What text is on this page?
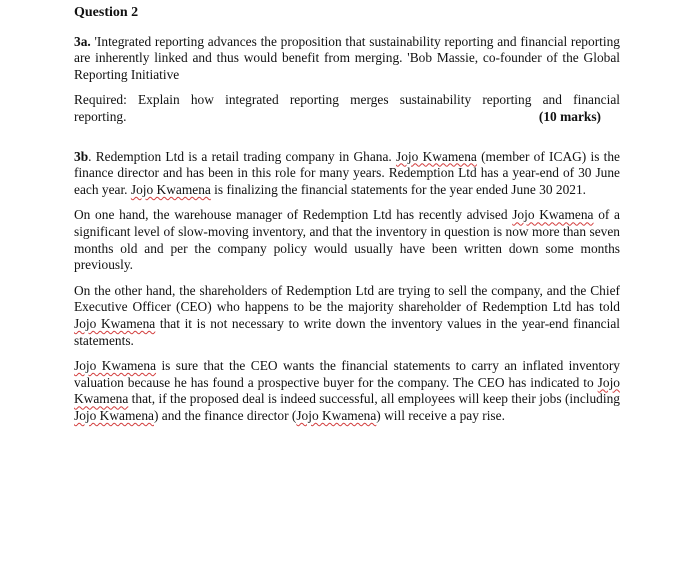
Question 2

3a. 'Integrated reporting advances the proposition that sustainability reporting and financial reporting are inherently linked and thus would benefit from merging. 'Bob Massie, co-founder of the Global Reporting Initiative

Required: Explain how integrated reporting merges sustainability reporting and financial

reporting.	(10 marks)

3b. Redemption Ltd is a retail trading company in Ghana. Jojo Kwamena (member of ICAG) is the finance director and has been in this role for many years. Redemption Ltd has a year-end of 30 June each year. Jojo Kwamena is finalizing the financial statements for the year ended June 30 2021.

On one hand, the warehouse manager of Redemption Ltd has recently advised Jojo Kwamena of a significant level of slow-moving inventory, and that the inventory in question is now more than seven months old and per the company policy would usually have been written down some months previously.

On the other hand, the shareholders of Redemption Ltd are trying to sell the company, and the Chief Executive Officer (CEO) who happens to be the majority shareholder of Redemption Ltd has told Jojo Kwamena that it is not necessary to write down the inventory values in the year-end financial statements.

Jojo Kwamena is sure that the CEO wants the financial statements to carry an inflated inventory valuation because he has found a prospective buyer for the company. The CEO has indicated to Jojo Kwamena that, if the proposed deal is indeed successful, all employees will keep their jobs (including Jojo Kwamena) and the finance director (Jojo Kwamena) will receive a pay rise.
